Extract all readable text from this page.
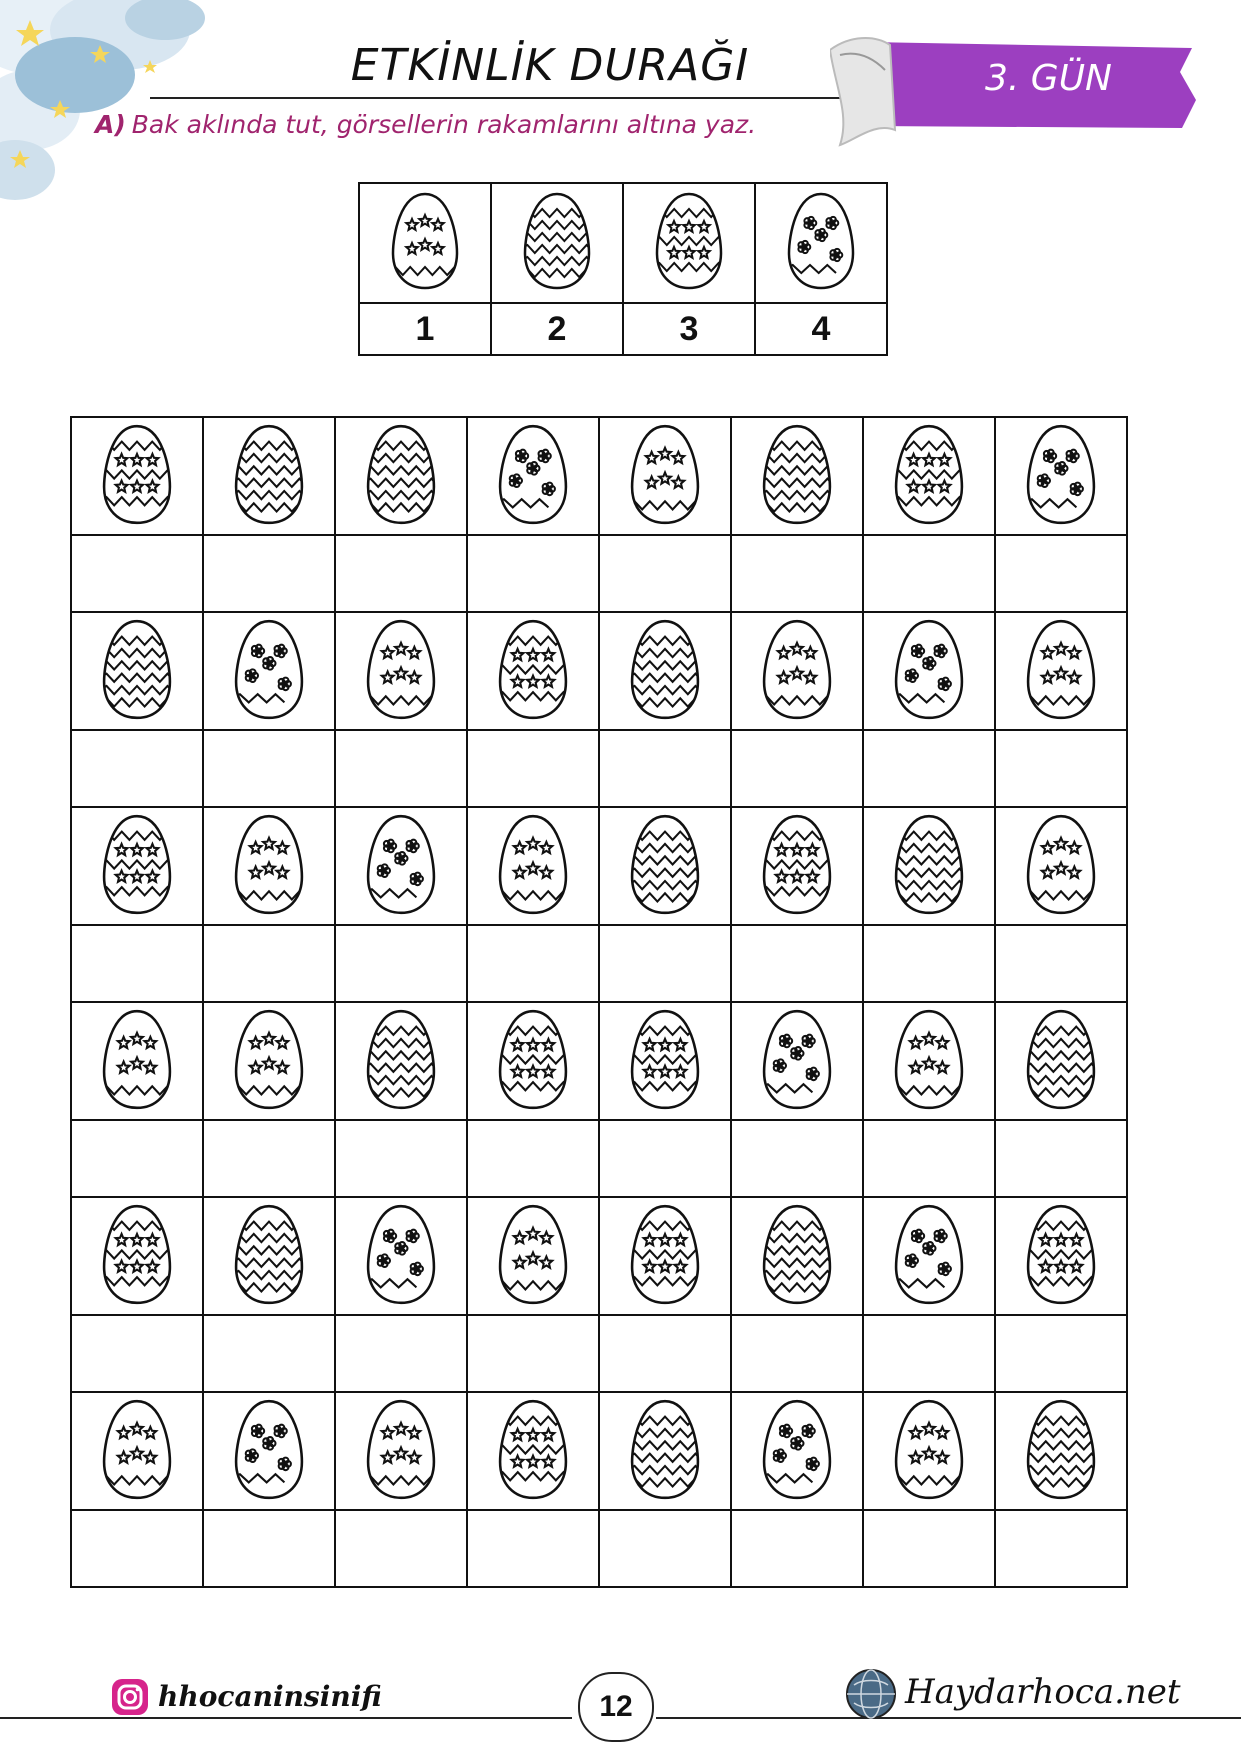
ETKİNLİK DURAĞI	3. GÜN
A) Bak aklında tut, görsellerin rakamlarını altına yaz.

1	2	3	4

hhocaninsinifi	12	Haydarhoca.net
